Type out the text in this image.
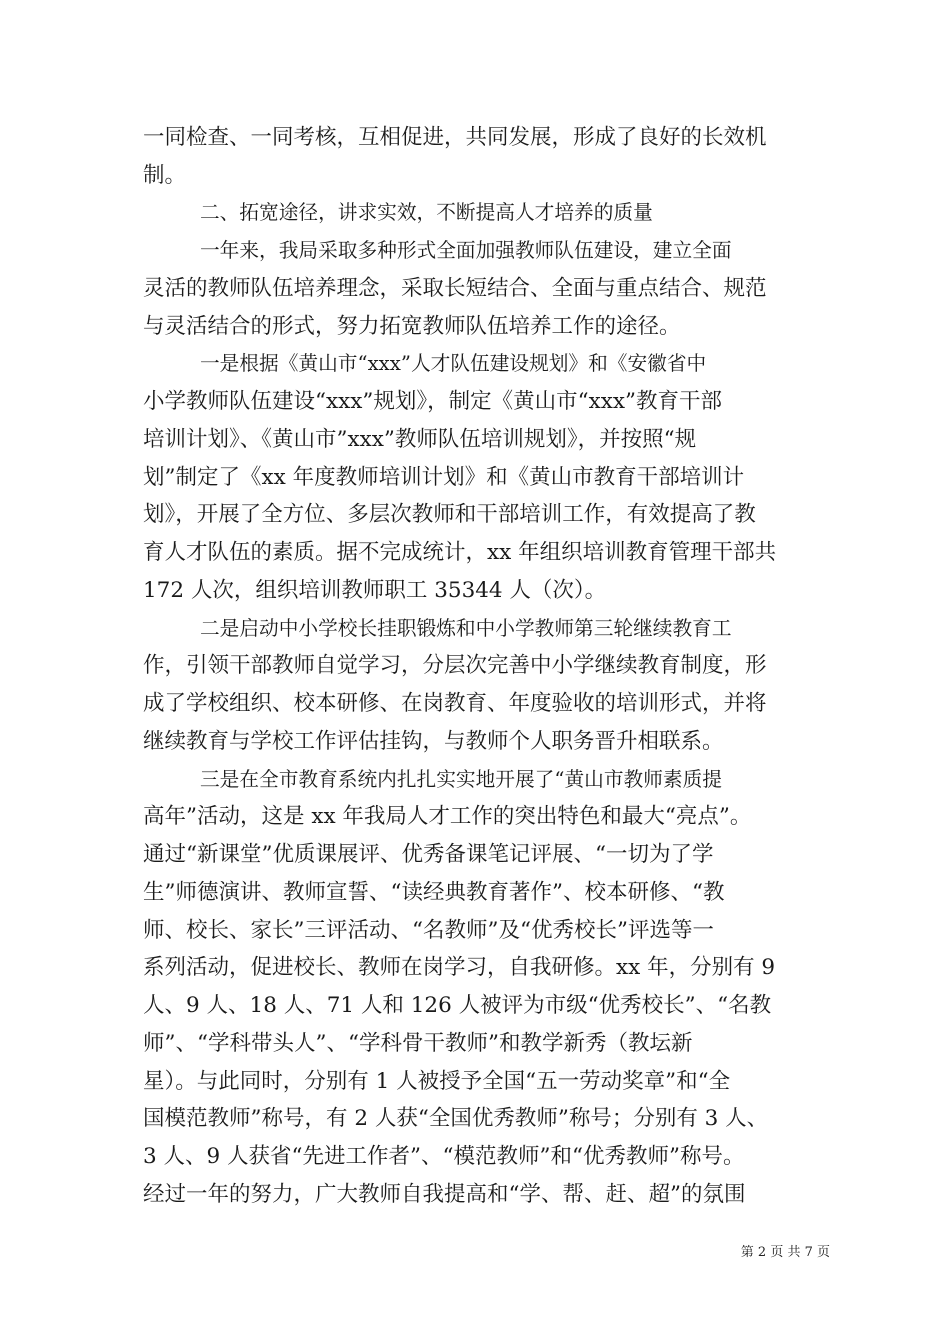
一同检查、一同考核，互相促进，共同发展，形成了良好的长效机
制。
二、拓宽途径，讲求实效，不断提高人才培养的质量
一年来，我局采取多种形式全面加强教师队伍建设，建立全面
灵活的教师队伍培养理念，采取长短结合、全面与重点结合、规范
与灵活结合的形式，努力拓宽教师队伍培养工作的途径。
一是根据《黄山市“xxx”人才队伍建设规划》和《安徽省中
小学教师队伍建设“xxx”规划》，制定《黄山市“xxx”教育干部
培训计划》、《黄山市”xxx”教师队伍培训规划》，并按照“规
划”制定了《xx 年度教师培训计划》和《黄山市教育干部培训计
划》，开展了全方位、多层次教师和干部培训工作，有效提高了教
育人才队伍的素质。据不完成统计，xx 年组织培训教育管理干部共
172 人次，组织培训教师职工 35344 人（次）。
二是启动中小学校长挂职锻炼和中小学教师第三轮继续教育工
作，引领干部教师自觉学习，分层次完善中小学继续教育制度，形
成了学校组织、校本研修、在岗教育、年度验收的培训形式，并将
继续教育与学校工作评估挂钩，与教师个人职务晋升相联系。
三是在全市教育系统内扎扎实实地开展了“黄山市教师素质提
高年”活动，这是 xx 年我局人才工作的突出特色和最大“亮点”。
通过“新课堂”优质课展评、优秀备课笔记评展、“一切为了学
生”师德演讲、教师宣誓、“读经典教育著作”、校本研修、“教
师、校长、家长”三评活动、“名教师”及“优秀校长”评选等一
系列活动，促进校长、教师在岗学习，自我研修。xx 年，分别有 9
人、9 人、18 人、71 人和 126 人被评为市级“优秀校长”、“名教
师”、“学科带头人”、“学科骨干教师”和教学新秀（教坛新
星）。与此同时，分别有 1 人被授予全国“五一劳动奖章”和“全
国模范教师”称号，有 2 人获“全国优秀教师”称号；分别有 3 人、
3 人、9 人获省“先进工作者”、“模范教师”和“优秀教师”称号。
经过一年的努力，广大教师自我提高和“学、帮、赶、超”的氛围
第 2 页 共 7 页
